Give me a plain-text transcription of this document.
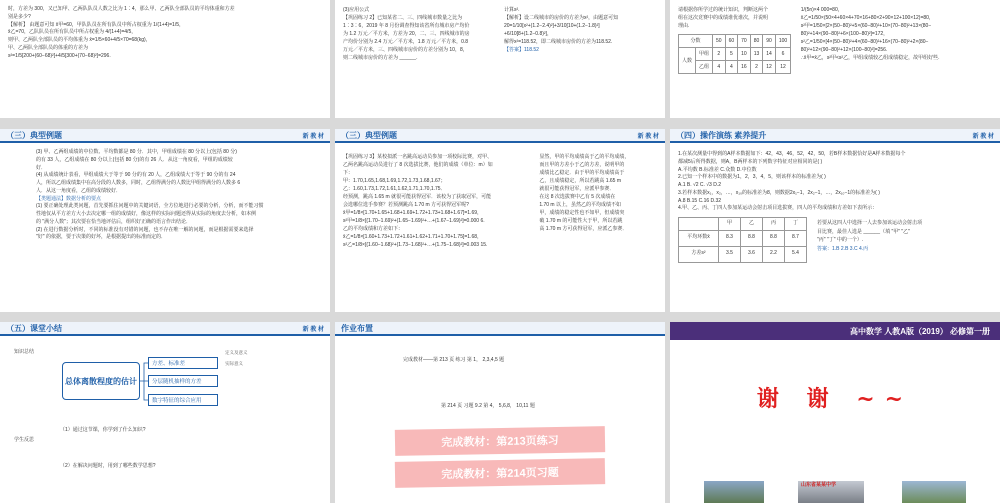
时，方差为 300，又已知甲、乙两队队员人数之比为 1∶4，那么甲、乙两队全部队员的平均体重和方差
别是多少?
【解析】 由题意可知 x̄甲=60，甲队队员在所有队员中所占权重为 1/(1+4)=1/5，
x̄乙=70，乙队队员在所有队员中所占权重为 4/(1+4)=4/5，
则甲、乙两队全部队员的平均体重为 x̄=1/5×60+4/5×70=68(kg)，
甲、乙两队全部队员的体重的方差为
s²=1/5[200+(60−68)²]+4/5[300+(70−68)²]=296.
(3)应用公式
【巩固练习 2】已知某省二、三、四线城市数量之比为
1∶3∶6，2019 年 8 月份调查得知该省所有城市房产均价
为 1.2 万元／平方米，方差为 20，二、三、四线城市的房
产均价分别为 2.4 万元／平方米，1.8 万元／平方米，0.8
万元／平方米，三、四线城市房价的方差分别为 10，8，
则二线城市房价的方差为 ______.
计算s².
【解析】设二线城市的房价的方差为x²，由题意可知
20=1/10[x²+(1.2−2.4)²]+3/10[10+(1.2−1.8)²]
+6/10[8+(1.2−0.8)²]，
解得x²=118.52，即二线城市房价的方差为118.52.
【答案】118.52
请根据你所学过的统计知识，判断这两个
组在这次竞赛中的成绩谁优谁次，并说明
理由.
分数		50	60	70	80	90	100
人数	甲组	2	5	10	13	14	6
	乙组	4	4	16	2	12	12
1/(5n)×4 000=80，
x̄乙=1/50×(50×4+60×4+70×16+80×2+90×12+100×12)=80，
s²甲=1/50×[2×(50−80)²+5×(60−80)²+10×(70−80)²+13×(80−
80)²+14×(90−80)²+6×(100−80)²]=172，
s²乙=1/50×[4×(50−80)²+4×(60−80)²+16×(70−80)²+2×(80−
80)²+12×(90−80)²+12×(100−80)²]=256.
∴x̄甲=x̄乙，s²甲<s²乙，甲组成绩较乙组成绩稳定，故甲组好些.
（三）典型例题	新 教 材
(3) 甲、乙两组成绩的中位数、平均数都是 80 分．其中，甲组成绩在 80 分以上(包括 80 分)
的有 33 人，乙组成绩在 80 分以上(包括 80 分)的有 26 人．从这一角度看，甲组的成绩较
好．
(4) 从成绩统计表看，甲组成绩大于等于 90 分的有 20 人，乙组成绩大于等于 90 分的有 24
人，所以乙组成绩集中在高分段的人数多，同时，乙组得满分的人数比甲组得满分的人数多 6
人．从这一角度看，乙组的成绩较好．
【类题通法】数据分析的要点
(1) 要正确处理此类问题，首先要抓住问题中的关键词语，全方位地进行必要的分析，分析，而不能习惯
性地仅从平方差方大小去决定哪一组的成绩好，像这样的实际问题还得从实际的角度去分析，如本例
的 "满分人数"；其次要在恰当地评估后，组织好正确的语言作出结论．
(2) 在进行数据分析时，不同的标准没有对错的问题，也不存在唯一解的问题，而是根据需要来选择
"好" 的依据，要于决策的好坏，是根据提出的标准而定的．
（三）典型例题	新 教 材
【巩固练习 3】某校拟派一名跳高运动员参加一项校际比赛，对甲、
乙两名跳高运动员进行了 8 次选拔比赛，他们的成绩（单位：m）如
下：
甲：1.70,1.65,1.68,1.69,1.72,1.73,1.68,1.67；
乙：1.60,1.73,1.72,1.61,1.62,1.71,1.70,1.75．
经预测，跳高 1.65 m 就很可能获得冠军．该校为了获取冠军，可能
会选哪位选手参赛？若预测跳高 1.70 m 方可获得冠军呢?
x̄甲=1/8×[1.70+1.65+1.68+1.69+1.72+1.73+1.68+1.67]=1.69，
s²甲=1/8×[(1.70−1.69)²+(1.65−1.69)²+…+(1.67−1.69)²]=0.000 6.
乙的平均成绩和方差如下：
x̄乙=1/8×[1.60+1.73+1.72+1.61+1.62+1.71+1.70+1.75]=1.68，
s²乙=1/8×[(1.60−1.68)²+(1.73−1.68)²+…+(1.75−1.68)²]=0.003 15.
显然，甲的平均成绩高于乙的平均成绩，
而且甲的方差小于乙的方差，说明甲的
成绩比乙稳定．由于甲的平均成绩高于
乙，且成绩稳定，所以若跳高 1.65 m
就很可能获得冠军，应派甲参赛．
在这 8 次选拔赛中乙有 5 次成绩在
1.70 m 以上，虽然乙的平均成绩不如
甲，成绩的稳定性也不如甲，但成绩突
破 1.70 m 的可能性大于甲，所以若跳
高 1.70 m 方可获得冠军，应派乙参赛．
（四）操作演练 素养提升	新 教 材
1.在某次测量中得到的A样本数据如下：42，43，46，52，42，50，若B样本数据恰好是A样本数据每个
都减5后所得数据，则A，B两样本的下列数字特征对应相同的是( )
A.平均数 B.标准差 C.众数 D.中位数
2.已知一个样本中的数据为1，2，3，4，5，则该样本的标准差为( )
A.1 B. √2 C. √3 D.2
3.若样本数据x₁，x₂，…，x₁₀的标准差为8，则数据2x₁−1，2x₂−1，…，2x₁₀−1的标准差为( )
A.8 B.15 C.16 D.32
4.甲、乙、丙、丁四人参加某运动会射击项目选拔赛，四人的平均成绩和方差如下表所示：
	甲	乙	丙	丁
平均环数x̄	8.3	8.8	8.8	8.7
方差s²	3.5	3.6	2.2	5.4
若要从这四人中选择一人去参加该运动会射击项
目比赛，最佳人选是 ______（填 "甲" "乙"
"丙" "丁" 中的一个）.
答案：1.B 2.B 3.C 4.丙
（五）课堂小结	新 教 材
知识总结
总体离散程度的估计
方差、标准差
分层随机抽样的方差
数字特征的综合应用
定义及意义
实际意义
（1）通过这节课，你学到了什么知识?
学生反思
（2）在解决问题时，用到了哪些数学思想?
作业布置
完成教材——第 213 页 练习 第 1， 2,3,4,5 题
第 214 页 习题 9.2 第 4， 5,6,8， 10,11 题
完成教材：第213页练习
完成教材：第214页习题
高中数学 人教A版（2019） 必修第一册
谢 谢 ~~
山东省某某中学
